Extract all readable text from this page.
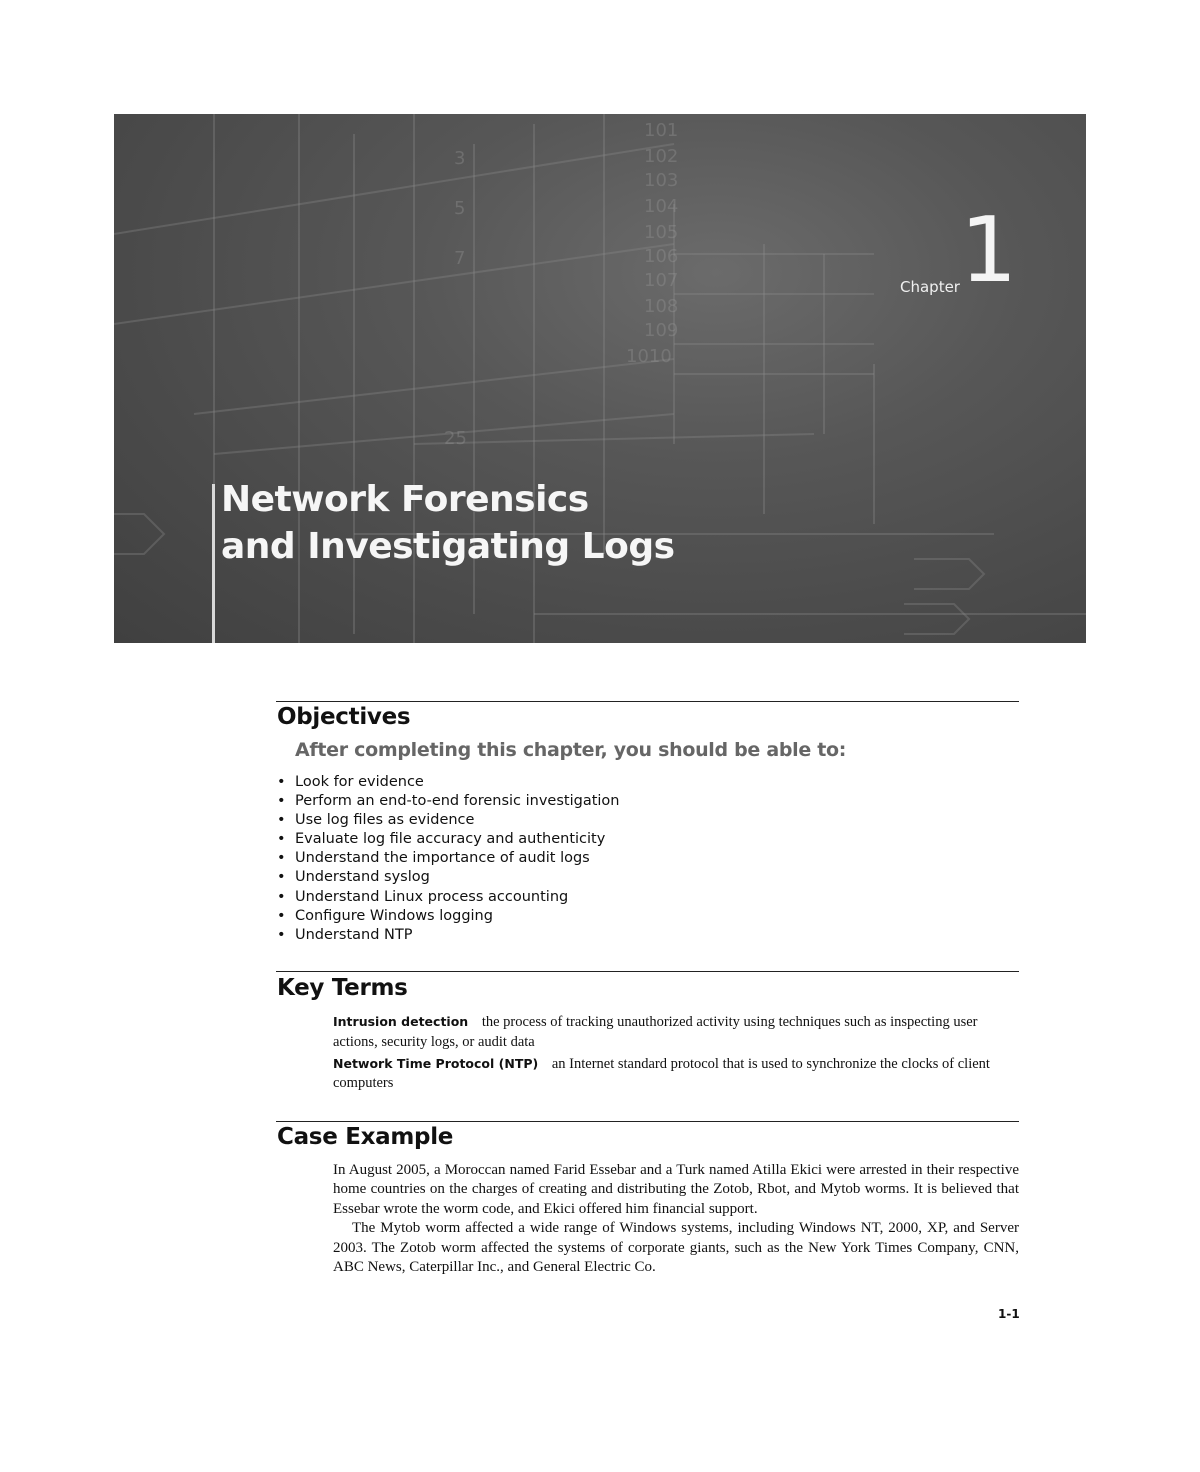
101
102
103
104
105
106
107
108
109
1010
3
5
7
25
Chapter 1
Network Forensics
and Investigating Logs
Objectives
After completing this chapter, you should be able to:
• Look for evidence
• Perform an end-to-end forensic investigation
• Use log files as evidence
• Evaluate log file accuracy and authenticity
• Understand the importance of audit logs
• Understand syslog
• Understand Linux process accounting
• Configure Windows logging
• Understand NTP
Key Terms
Intrusion detection the process of tracking unauthorized activity using techniques such as inspecting user actions, security logs, or audit data
Network Time Protocol (NTP) an Internet standard protocol that is used to synchronize the clocks of client computers
Case Example

In August 2005, a Moroccan named Farid Essebar and a Turk named Atilla Ekici were arrested in their respective home countries on the charges of creating and distributing the Zotob, Rbot, and Mytob worms. It is believed that Essebar wrote the worm code, and Ekici offered him financial support.

The Mytob worm affected a wide range of Windows systems, including Windows NT, 2000, XP, and Server 2003. The Zotob worm affected the systems of corporate giants, such as the New York Times Company, CNN, ABC News, Caterpillar Inc., and General Electric Co.

1-1
